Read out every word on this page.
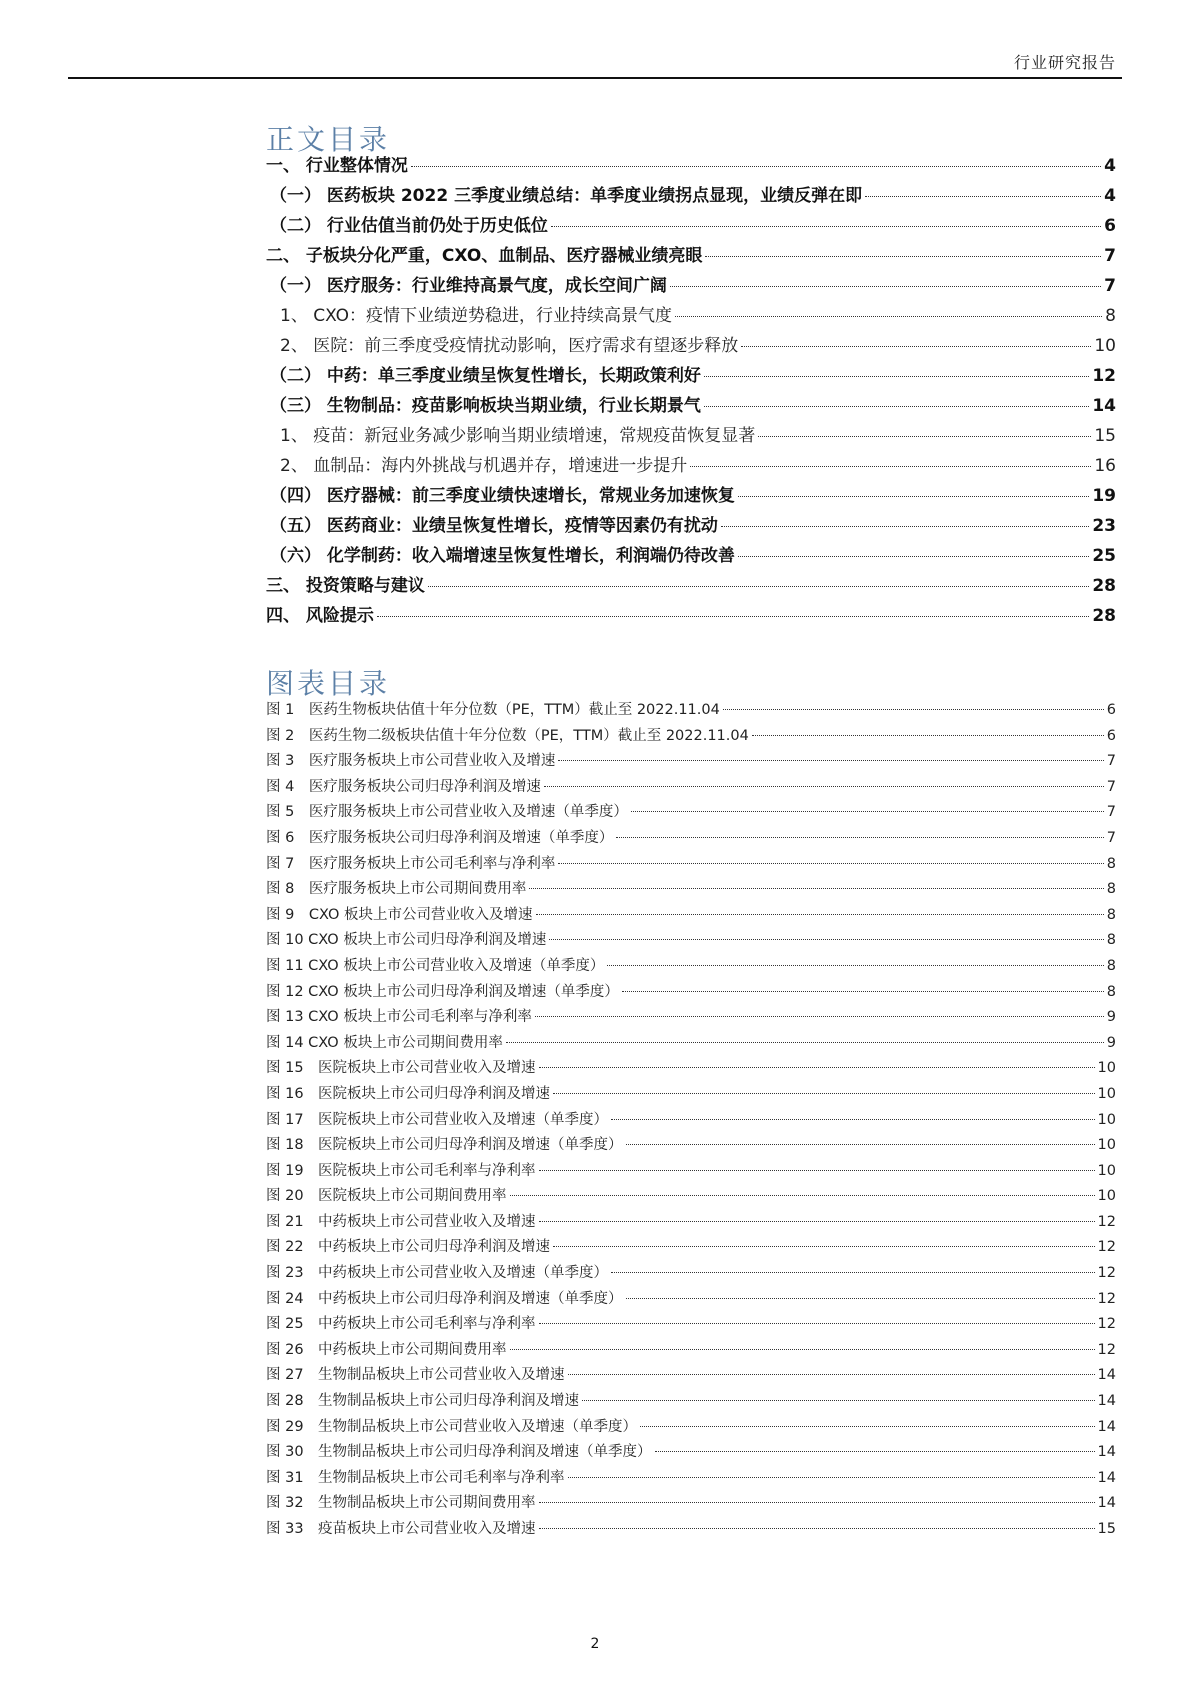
行业研究报告
正文目录
一、 行业整体情况	4
（一） 医药板块 2022 三季度业绩总结：单季度业绩拐点显现，业绩反弹在即	4
（二） 行业估值当前仍处于历史低位	6
二、 子板块分化严重，CXO、血制品、医疗器械业绩亮眼	7
（一） 医疗服务：行业维持高景气度，成长空间广阔	7
1、 CXO：疫情下业绩逆势稳进，行业持续高景气度	8
2、 医院：前三季度受疫情扰动影响，医疗需求有望逐步释放	10
（二） 中药：单三季度业绩呈恢复性增长，长期政策利好	12
（三） 生物制品：疫苗影响板块当期业绩，行业长期景气	14
1、 疫苗：新冠业务减少影响当期业绩增速，常规疫苗恢复显著	15
2、 血制品：海内外挑战与机遇并存，增速进一步提升	16
（四） 医疗器械：前三季度业绩快速增长，常规业务加速恢复	19
（五） 医药商业：业绩呈恢复性增长，疫情等因素仍有扰动	23
（六） 化学制药：收入端增速呈恢复性增长，利润端仍待改善	25
三、 投资策略与建议	28
四、 风险提示	28
图表目录
图 1　医药生物板块估值十年分位数（PE，TTM）截止至 2022.11.04	6
图 2　医药生物二级板块估值十年分位数（PE，TTM）截止至 2022.11.04	6
图 3　医疗服务板块上市公司营业收入及增速	7
图 4　医疗服务板块公司归母净利润及增速	7
图 5　医疗服务板块上市公司营业收入及增速（单季度）	7
图 6　医疗服务板块公司归母净利润及增速（单季度）	7
图 7　医疗服务板块上市公司毛利率与净利率	8
图 8　医疗服务板块上市公司期间费用率	8
图 9　CXO 板块上市公司营业收入及增速	8
图 10 CXO 板块上市公司归母净利润及增速	8
图 11 CXO 板块上市公司营业收入及增速（单季度）	8
图 12 CXO 板块上市公司归母净利润及增速（单季度）	8
图 13 CXO 板块上市公司毛利率与净利率	9
图 14 CXO 板块上市公司期间费用率	9
图 15　医院板块上市公司营业收入及增速	10
图 16　医院板块上市公司归母净利润及增速	10
图 17　医院板块上市公司营业收入及增速（单季度）	10
图 18　医院板块上市公司归母净利润及增速（单季度）	10
图 19　医院板块上市公司毛利率与净利率	10
图 20　医院板块上市公司期间费用率	10
图 21　中药板块上市公司营业收入及增速	12
图 22　中药板块上市公司归母净利润及增速	12
图 23　中药板块上市公司营业收入及增速（单季度）	12
图 24　中药板块上市公司归母净利润及增速（单季度）	12
图 25　中药板块上市公司毛利率与净利率	12
图 26　中药板块上市公司期间费用率	12
图 27　生物制品板块上市公司营业收入及增速	14
图 28　生物制品板块上市公司归母净利润及增速	14
图 29　生物制品板块上市公司营业收入及增速（单季度）	14
图 30　生物制品板块上市公司归母净利润及增速（单季度）	14
图 31　生物制品板块上市公司毛利率与净利率	14
图 32　生物制品板块上市公司期间费用率	14
图 33　疫苗板块上市公司营业收入及增速	15
2
